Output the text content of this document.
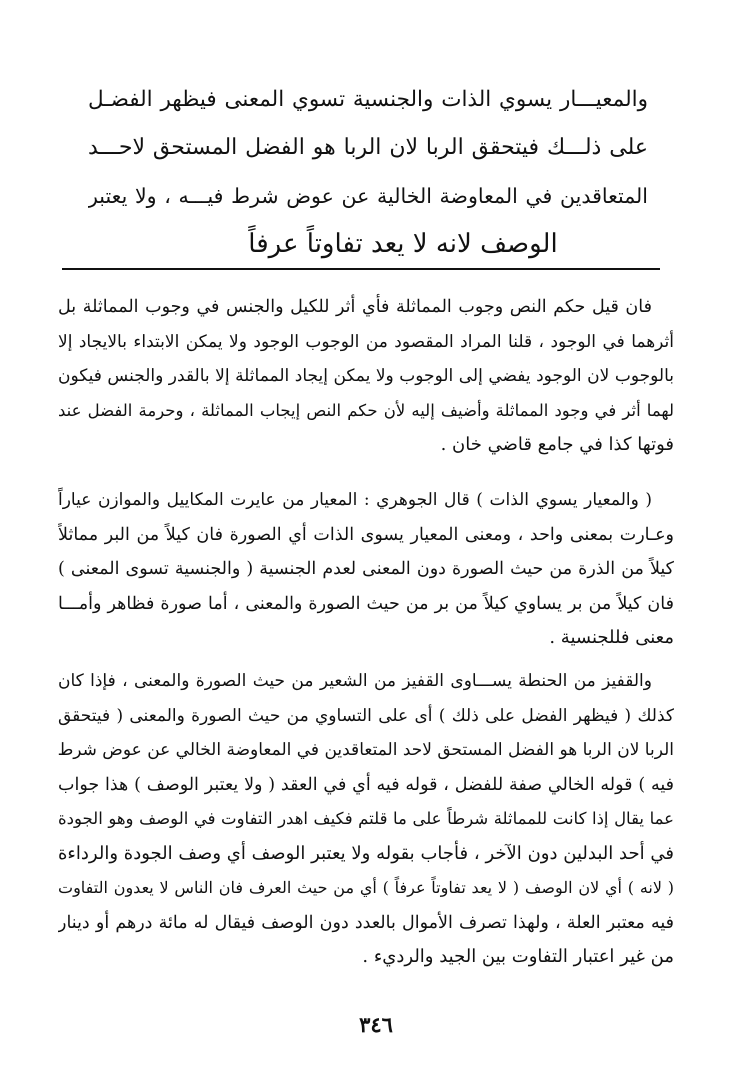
والمعيـــار يسوي الذات والجنسية تسوي المعنى فيظهر الفضـل
على ذلـــك فيتحقق الربا لان الربا هو الفضل المستحق لاحـــد
المتعاقدين في المعاوضة الخالية عن عوض شرط فيـــه ، ولا يعتبر
الوصف لانه لا يعد تفاوتاً عرفاً
فان قيل حكم النص وجوب المماثلة فأي أثر للكيل والجنس في وجوب المماثلة بل
أثرهما في الوجود ، قلنا المراد المقصود من الوجوب الوجود ولا يمكن الابتداء بالايجاد إلا
بالوجوب لان الوجود يفضي إلى الوجوب ولا يمكن إيجاد المماثلة إلا بالقدر والجنس فيكون
لهما أثر في وجود المماثلة وأضيف إليه لأن حكم النص إيجاب المماثلة ، وحرمة الفضل عند
فوتها كذا في جامع قاضي خان .
( والمعيار يسوي الذات ) قال الجوهري : المعيار من عايرت المكاييل والموازن عياراً
وعـارت بمعنى واحد ، ومعنى المعيار يسوى الذات أي الصورة فان كيلاً من البر مماثلاً
كيلاً من الذرة من حيث الصورة دون المعنى لعدم الجنسية ( والجنسية تسوى المعنى )
فان كيلاً من بر يساوي كيلاً من بر من حيث الصورة والمعنى ، أما صورة فظاهر وأمـــا
معنى فللجنسية .
والقفيز من الحنطة يســـاوى القفيز من الشعير من حيث الصورة والمعنى ، فإذا كان
كذلك ( فيظهر الفضل على ذلك ) أى على التساوي من حيث الصورة والمعنى ( فيتحقق
الربا لان الربا هو الفضل المستحق لاحد المتعاقدين في المعاوضة الخالي عن عوض شرط
فيه ) قوله الخالي صفة للفضل ، قوله فيه أي في العقد ( ولا يعتبر الوصف ) هذا جواب
عما يقال إذا كانت للمماثلة شرطاً على ما قلتم فكيف اهدر التفاوت في الوصف وهو الجودة
في أحد البدلين دون الآخر ، فأجاب بقوله ولا يعتبر الوصف أي وصف الجودة والرداءة
( لانه ) أي لان الوصف ( لا يعد تفاوتاً عرفاً ) أي من حيث العرف فان الناس لا يعدون التفاوت
فيه معتبر العلة ، ولهذا تصرف الأموال بالعدد دون الوصف فيقال له مائة درهم أو دينار
من غير اعتبار التفاوت بين الجيد والرديء .
٣٤٦
